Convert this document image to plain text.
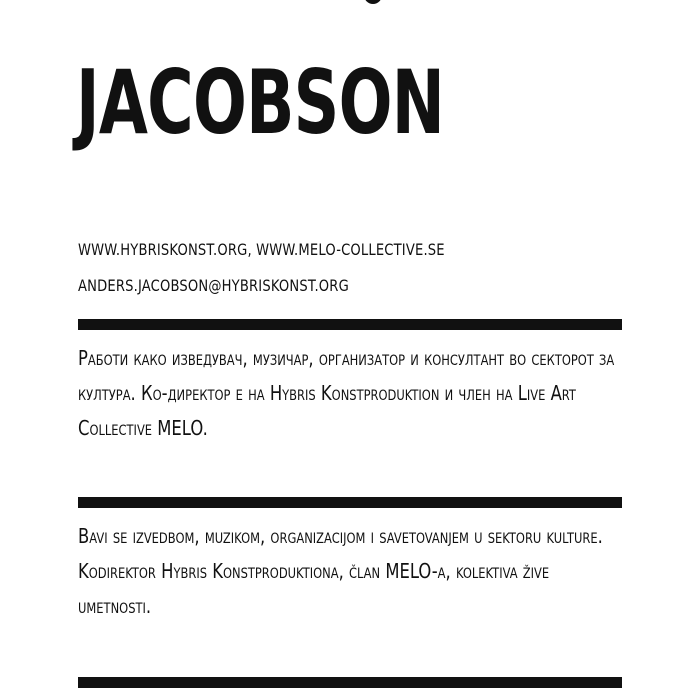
JACOBSON
WWW.HYBRISKONST.ORG, WWW.MELO-COLLECTIVE.SE
ANDERS.JACOBSON@HYBRISKONST.ORG

Работи како изведувач, музичар, организатор и консултант во секторот за култура. Ко-директор е на Hybris Konstproduktion и член на Live Art Collective MELO.

Bavi se izvedbom, muzikom, organizacijom i savetovanjem u sektoru kulture. Kodirektor Hybris Konstproduktiona, član MELO-a, kolektiva žive umetnosti.
